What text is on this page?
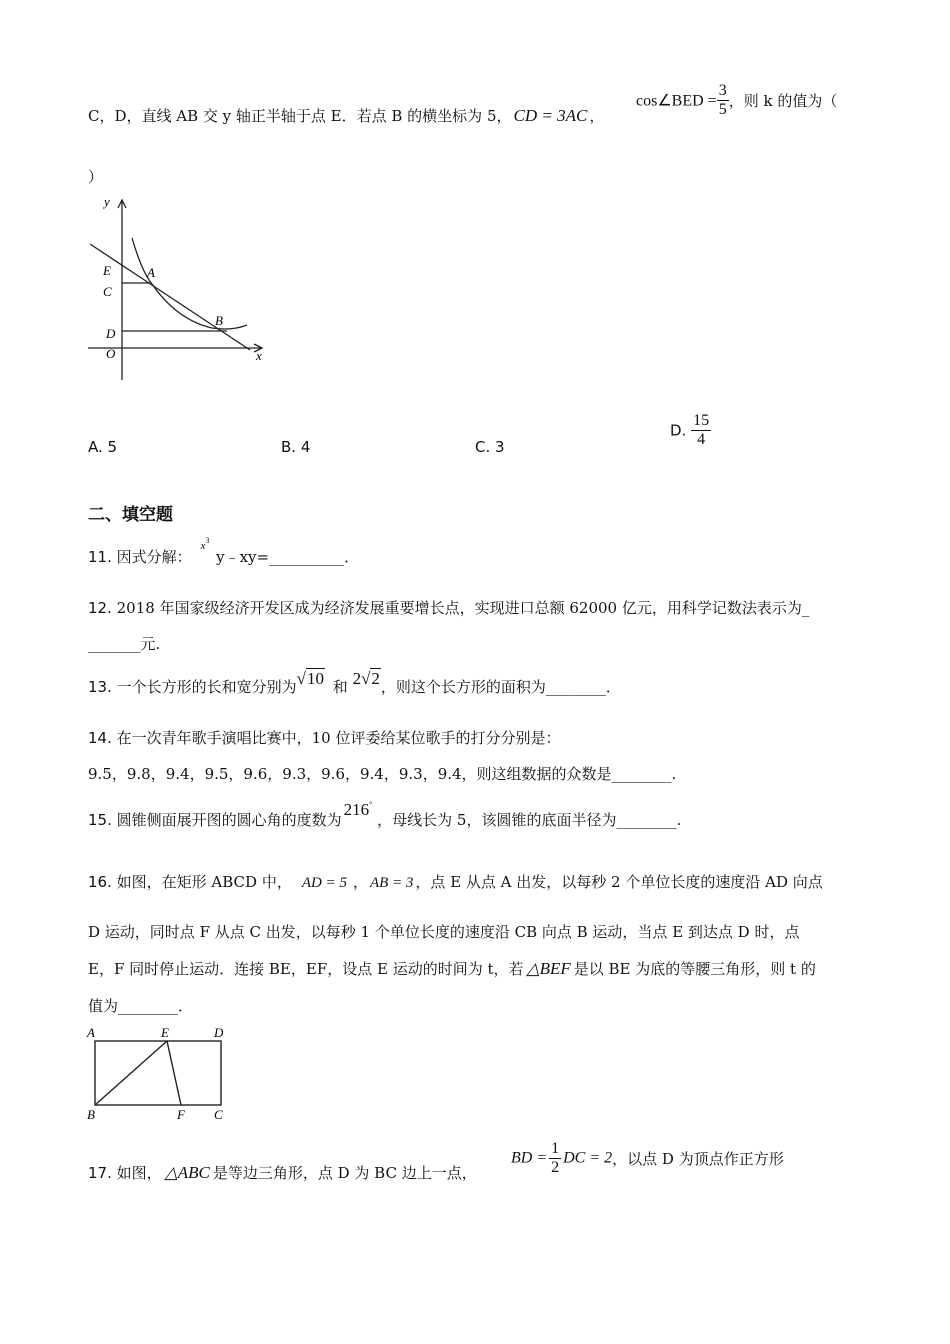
C，D，直线 AB 交 y 轴正半轴于点 E．若点 B 的横坐标为 5， CD = 3AC ，
cos∠BED = $\frac{3}{5}$ ，则 k 的值为（
）
y
x
E	A
C
D
O
B
A. 5	B. 4	C. 3
D. $\frac{15}{4}$
二、填空题
11. 因式分解： $^{x3}$ y﹣xy=__________．
12. 2018 年国家级经济开发区成为经济发展重要增长点，实现进口总额 62000 亿元，用科学记数法表示为_
_______元.
13. 一个长方形的长和宽分别为√10 和 2√2，则这个长方形的面积为________．
14. 在一次青年歌手演唱比赛中，10 位评委给某位歌手的打分分别是：
9.5，9.8，9.4，9.5，9.6，9.3，9.6，9.4，9.3，9.4，则这组数据的众数是________.
15. 圆锥侧面展开图的圆心角的度数为216° ，母线长为 5，该圆锥的底面半径为________.
16. 如图，在矩形 ABCD 中， AD = 5 ， AB = 3 ，点 E 从点 A 出发，以每秒 2 个单位长度的速度沿 AD 向点
D 运动，同时点 F 从点 C 出发，以每秒 1 个单位长度的速度沿 CB 向点 B 运动，当点 E 到达点 D 时，点
E，F 同时停止运动．连接 BE，EF，设点 E 运动的时间为 t，若 △BEF 是以 BE 为底的等腰三角形，则 t 的
值为________．
A	E	D
B	F C
17. 如图， △ABC 是等边三角形，点 D 为 BC 边上一点，
BD = $\frac{1}{2}$ DC = 2，以点 D 为顶点作正方形
